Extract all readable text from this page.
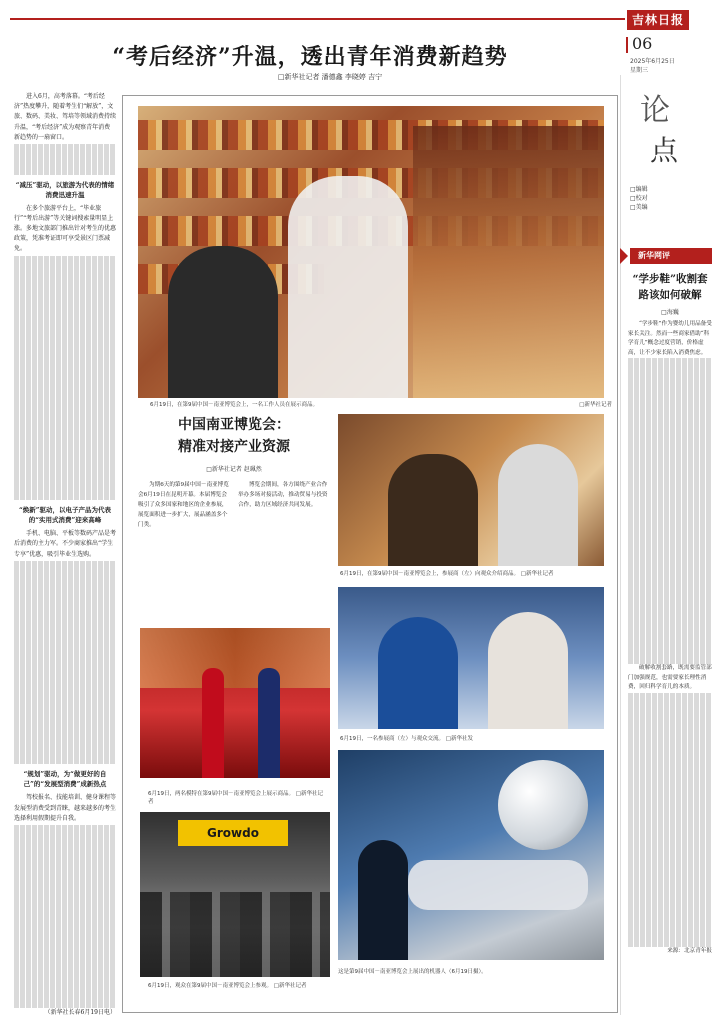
吉林日报
06
2025年6月25日
星期三
“考后经济”升温，透出青年消费新趋势
□新华社记者 潘德鑫 李晓婷 吉宁

进入6月，高考落幕。“考后经济”热度攀升，随着考生们“解放”，文旅、数码、美妆、驾培等领域消费持续升温，“考后经济”成为观察青年消费新趋势的一扇窗口。

“减压”驱动，以旅游为代表的情绪消费迅速升温

在多个旅游平台上，“毕业旅行”“考后出游”等关键词搜索量明显上涨。多地文旅部门推出针对考生的优惠政策，凭准考证即可享受景区门票减免。

“焕新”驱动，以电子产品为代表的“实用式消费”迎来高峰

手机、电脑、平板等数码产品是考后消费的主力军。不少商家推出“学生专享”优惠，吸引毕业生选购。

“规划”驱动，为“做更好的自己”的“发展型消费”成新热点

驾校报名、技能培训、健身课程等发展型消费受到青睐，越来越多的考生选择利用假期提升自我。

（新华社长春6月19日电）

6月19日，在第9届中国－南亚博览会上，一名工作人员在展示商品。	□新华社记者
中国南亚博览会：
精准对接产业资源
□新华社记者 赵珮然

为期6天的第9届中国－南亚博览会6月19日在昆明开幕。本届博览会吸引了众多国家和地区的企业参展，展览面积进一步扩大，展品涵盖多个门类。

博览会期间，各方围绕产业合作举办多场对接活动，推动贸易与投资合作，助力区域经济共同发展。

6月19日，两名模特在第9届中国－南亚博览会上展示商品。 □新华社记者
Growdo
6月19日，观众在第9届中国－南亚博览会上参观。 □新华社记者
6月19日，在第9届中国－南亚博览会上，参展商（左）向观众介绍商品。 □新华社记者
6月19日，一名参展商（左）与观众交流。 □新华社发
这是第9届中国－南亚博览会上展出的机器人（6月19日摄）。
论
点
□编辑
□校对
□美编
新华网评
“学步鞋”收割套路该如何破解
□海巍

“学步鞋”作为婴幼儿用品备受家长关注。然而一些商家借助“科学育儿”概念过度营销，价格虚高，让不少家长陷入消费焦虑。

破解收割套路，既需要监管部门加强规范，也需要家长理性消费，回归科学育儿的本质。

来源：北京青年报
